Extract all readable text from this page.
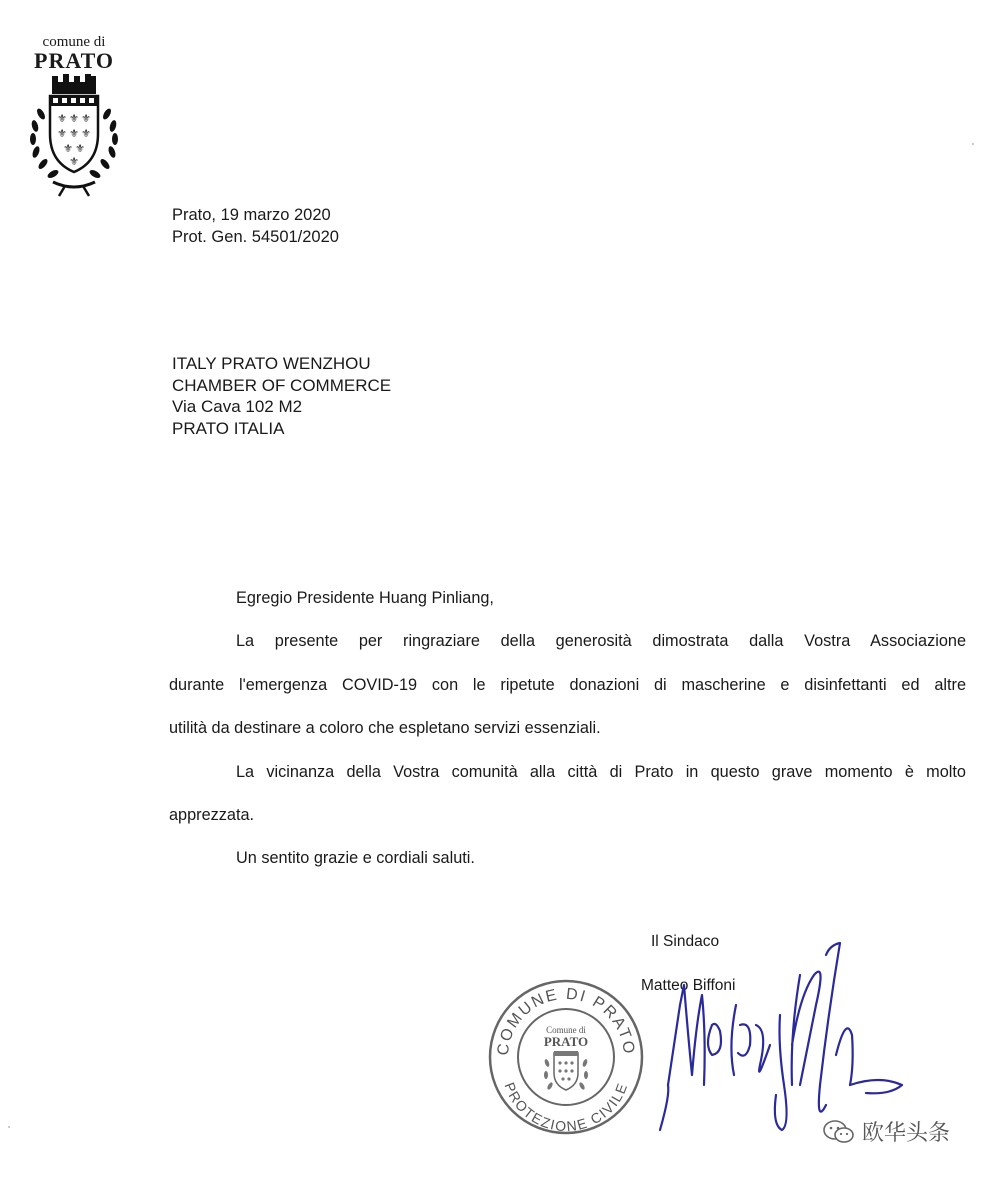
comune di
PRATO
⚜ ⚜ ⚜
⚜ ⚜ ⚜
⚜ ⚜
⚜
Prato, 19 marzo 2020
Prot. Gen. 54501/2020
ITALY PRATO WENZHOU
CHAMBER OF COMMERCE
Via Cava 102 M2
PRATO ITALIA
Egregio Presidente Huang Pinliang,
La presente per ringraziare della generosità dimostrata dalla Vostra Associazione
durante l'emergenza COVID-19 con le ripetute donazioni di mascherine e disinfettanti ed altre
utilità da destinare a coloro che espletano servizi essenziali.
La vicinanza della Vostra comunità alla città di Prato in questo grave momento è molto
apprezzata.
Un sentito grazie e cordiali saluti.
Il Sindaco
Matteo Biffoni
COMUNE DI PRATO
PROTEZIONE CIVILE
Comune di
PRATO
欧华头条
